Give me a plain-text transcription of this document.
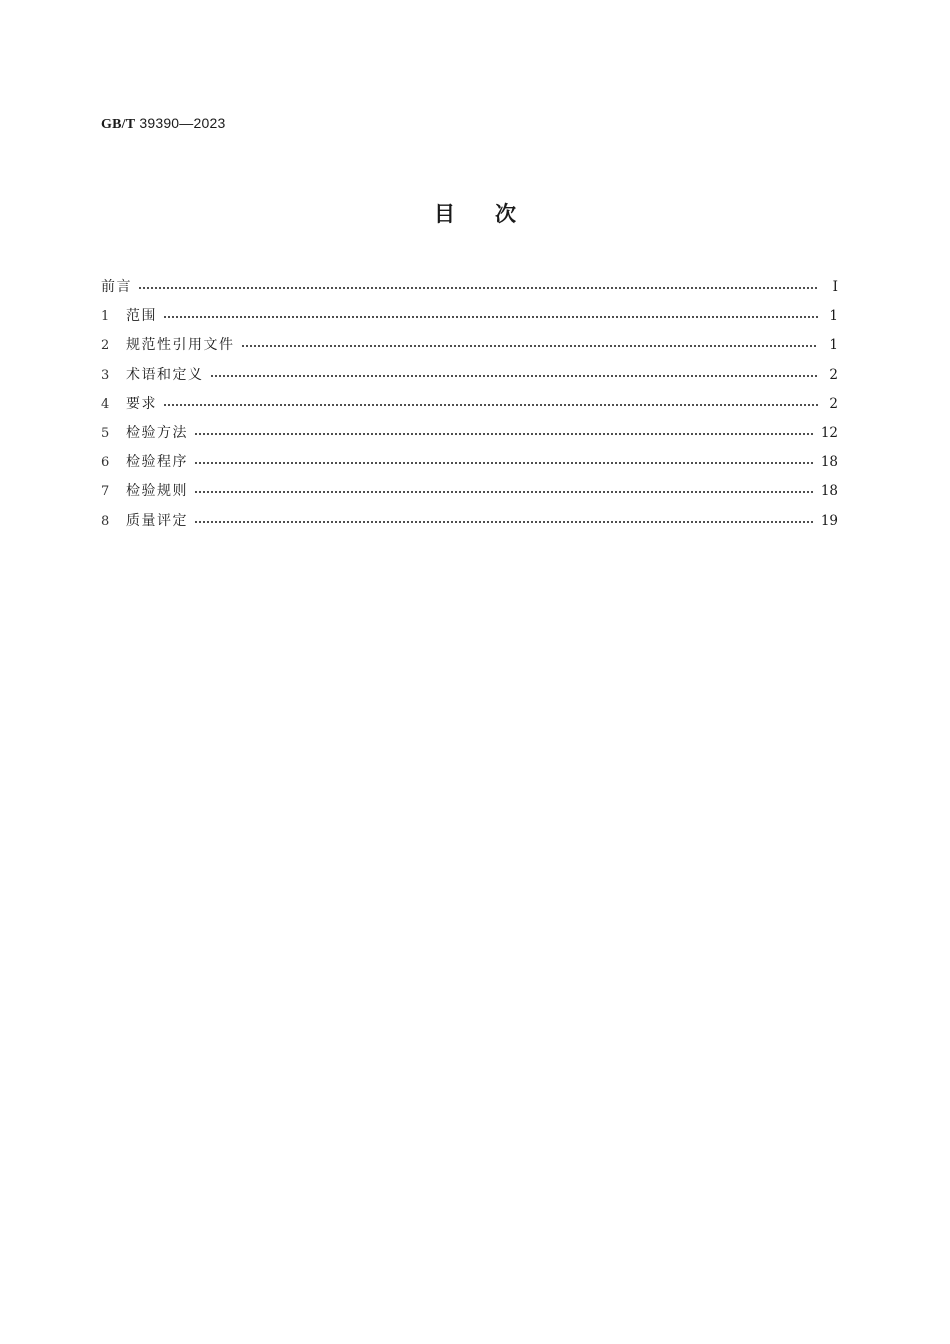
GB/T 39390—2023
目次
前言	Ⅰ
1	范围	1
2	规范性引用文件	1
3	术语和定义	2
4	要求	2
5	检验方法	12
6	检验程序	18
7	检验规则	18
8	质量评定	19
